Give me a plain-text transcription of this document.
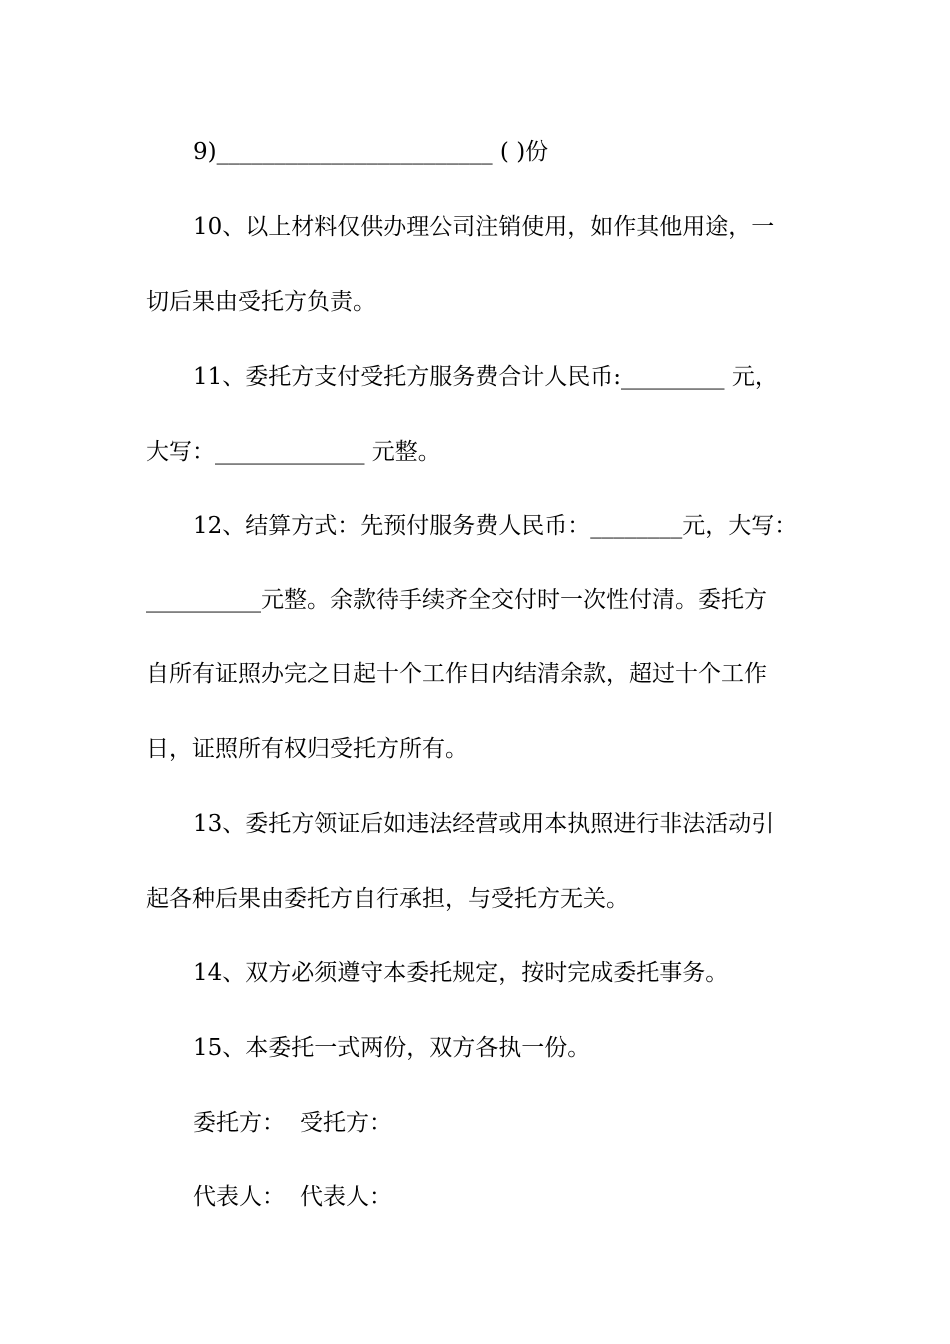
9)________________________ ( )份

10、以上材料仅供办理公司注销使用，如作其他用途，一

切后果由受托方负责。

11、委托方支付受托方服务费合计人民币:_________ 元，

大写：_____________ 元整。

12、结算方式：先预付服务费人民币：________元，大写：

__________元整。余款待手续齐全交付时一次性付清。委托方

自所有证照办完之日起十个工作日内结清余款，超过十个工作

日，证照所有权归受托方所有。

13、委托方领证后如违法经营或用本执照进行非法活动引

起各种后果由委托方自行承担，与受托方无关。

14、双方必须遵守本委托规定，按时完成委托事务。

15、本委托一式两份，双方各执一份。

委托方：

受托方：

代表人：

代表人：
